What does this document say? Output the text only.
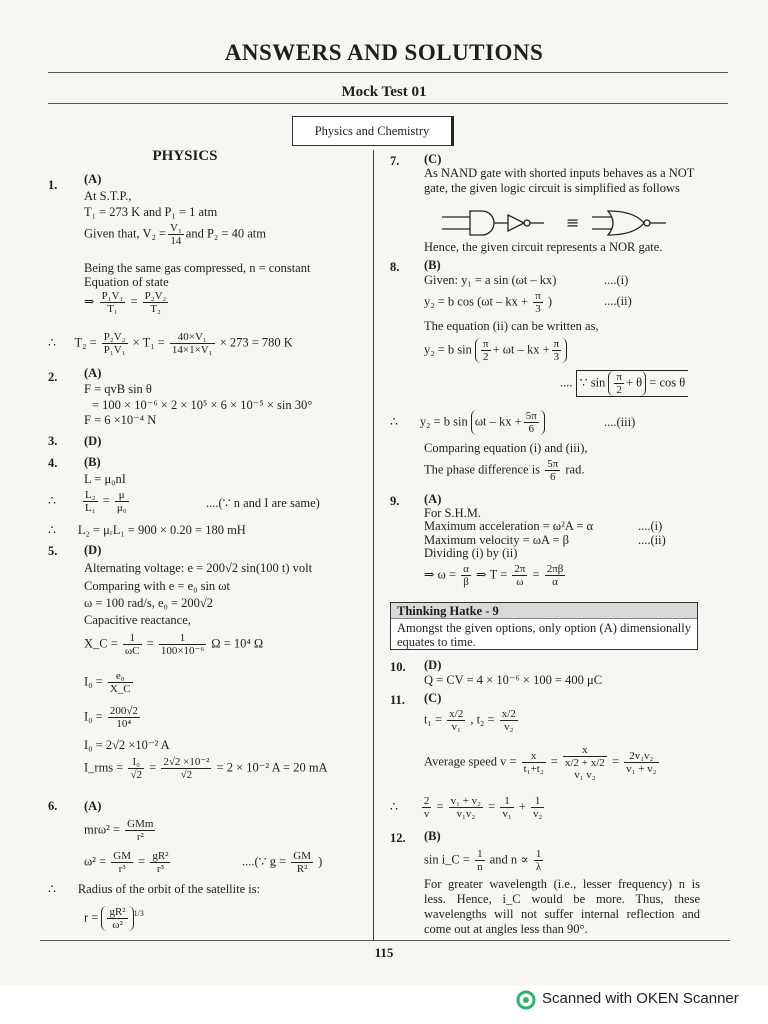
ANSWERS AND SOLUTIONS
Mock Test 01
Physics and Chemistry
PHYSICS
1. (A)
At S.T.P.,
T₁ = 273 K and P₁ = 1 atm
Given that, $V_2 = \frac{\text{V₁}}{14}$ and P₂ = 40 atm
Being the same gas compressed, n = constant
Equation of state
⇒ $\frac{\text{P₁V₁}}{\text{T₁}} = \frac{\text{P₂V₂}}{\text{T₂}}$
∴ $T_2 = \frac{\text{P₂V₂}}{\text{P₁V₁}} \times T_1 = \frac{\text{40×V₁}}{\text{14×1×V₁}} \times 273 = 780$ K
2. (A)
F = qvB sin θ
= 100 × 10⁻⁶ × 2 × 10⁵ × 6 × 10⁻⁵ × sin 30°
F = 6 ×10⁻⁴ N
3. (D)
4. (B)
L = μ₀nI
∴ $\frac{\text{L₂}}{\text{L₁}} = \frac{\mu}{\text{μ₀}}$	....(∵ n and I are same)
∴ L₂ = μᵣL₁ = 900 × 0.20 = 180 mH
5. (D)
Alternating voltage: e = 200√2 sin(100 t) volt
Comparing with e = e₀ sin ωt
ω = 100 rad/s, e₀ = 200√2
Capacitive reactance,
X_C = $\frac{1}{\omega C} = \frac{1}{\text{100×10⁻⁶}}$ Ω = 10⁴ Ω
$I_0 = \frac{\text{e₀}}{X\_C}$
$I_0 = \frac{200√2}{\text{10⁴}}$
I₀ = 2√2 ×10⁻² A
I_rms = $\frac{\text{I₀}}{√2} = \frac{\text{2√2 ×10⁻²}}{√2} = 2 \times 10^{-2}$ A = 20 mA
6. (A)
$mr\omega^2 = \frac{\text{GMm}}{\text{r²}}$
$\omega^2 = \frac{GM}{\text{r³}} = \frac{\text{gR²}}{\text{r³}}$	....(∵ $g = \frac{GM}{\text{R²}}$ )
∴ Radius of the orbit of the satellite is:
$r = \frac{\text{gR²}}{\text{ω²}} ^{1/3}$
7. (C)
As NAND gate with shorted inputs behaves as a NOT gate, the given logic circuit is simplified as follows
≡
Hence, the given circuit represents a NOR gate.
8. (B)
Given: y₁ = a sin (ωt – kx)	....(i)
y₂ = b cos (ωt – kx + $\frac{\pi}{3}$ )	....(ii)
The equation (ii) can be written as,
y₂ = b $\sin \frac{\pi}{2} + \omega t$ – kx + $\frac{\pi}{3}$
.... ∵ $\sin \frac{\pi}{2} + \theta = \cos \theta$
∴ y₂ = b sin ωt – kx + $\frac{5\pi}{6}$	....(iii)
Comparing equation (i) and (iii),
The phase difference is $\frac{5\pi}{6}$ rad.
9. (A)
For S.H.M.
Maximum acceleration = ω²A = α	....(i)
Maximum velocity = ωA = β	....(ii)
Dividing (i) by (ii)
⇒ $\omega = \frac{\alpha}{\beta}$ ⇒ $T = \frac{2\pi}{\omega} = \frac{2\pi\beta}{\alpha}$
Thinking Hatke - 9
Amongst the given options, only option (A) dimensionally equates to time.
10. (D)
Q = CV = 4 × 10⁻⁶ × 100 = 400 μC
11. (C)
$t_1 = \frac{x/2}{\text{v₁}}$ , $t_2 = \frac{x/2}{\text{v₂}}$
Average speed $v = \frac{x}{\text{t₁+t₂}}$ =
x
x/2 + x/2
v₁ v₂
= $\frac{\text{2v₁v₂}}{\text{v₁ + v₂}}$
∴ $\frac{2}{v} = \frac{\text{v₁ + v₂}}{\text{v₁v₂}} = \frac{1}{\text{v₁}} + \frac{1}{\text{v₂}}$
12. (B)
sin i_C = $\frac{1}{n}$ and $n \propto \frac{1}{\lambda}$
For greater wavelength (i.e., lesser frequency) n is less. Hence, i_C would be more. Thus, these wavelengths will not suffer internal reflection and come out at angles less than 90°.
115
Scanned with OKEN Scanner
